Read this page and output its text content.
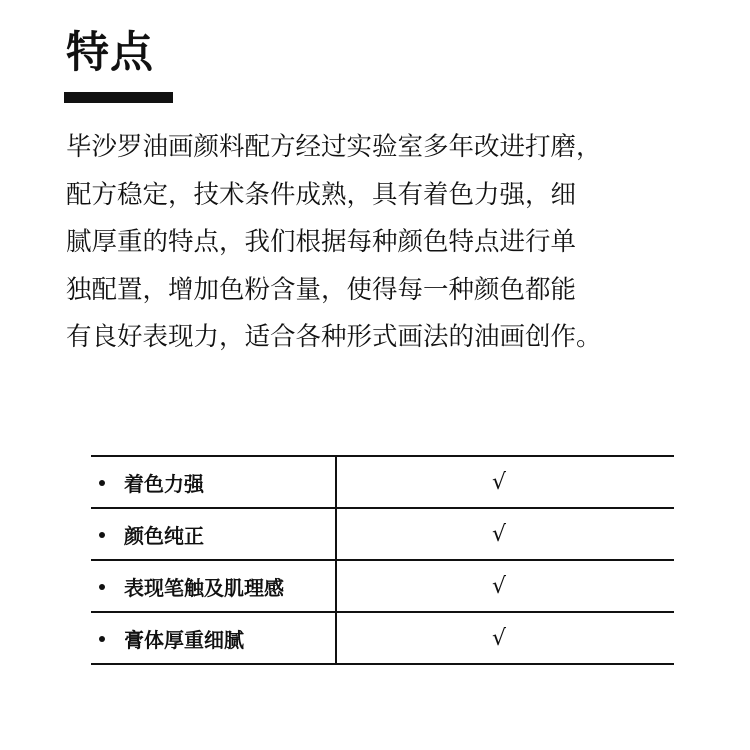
特点

毕沙罗油画颜料配方经过实验室多年改进打磨，
配方稳定，技术条件成熟，具有着色力强，细
腻厚重的特点，我们根据每种颜色特点进行单
独配置，增加色粉含量，使得每一种颜色都能
有良好表现力，适合各种形式画法的油画创作。

着色力强	√
颜色纯正	√
表现笔触及肌理感	√
膏体厚重细腻	√
